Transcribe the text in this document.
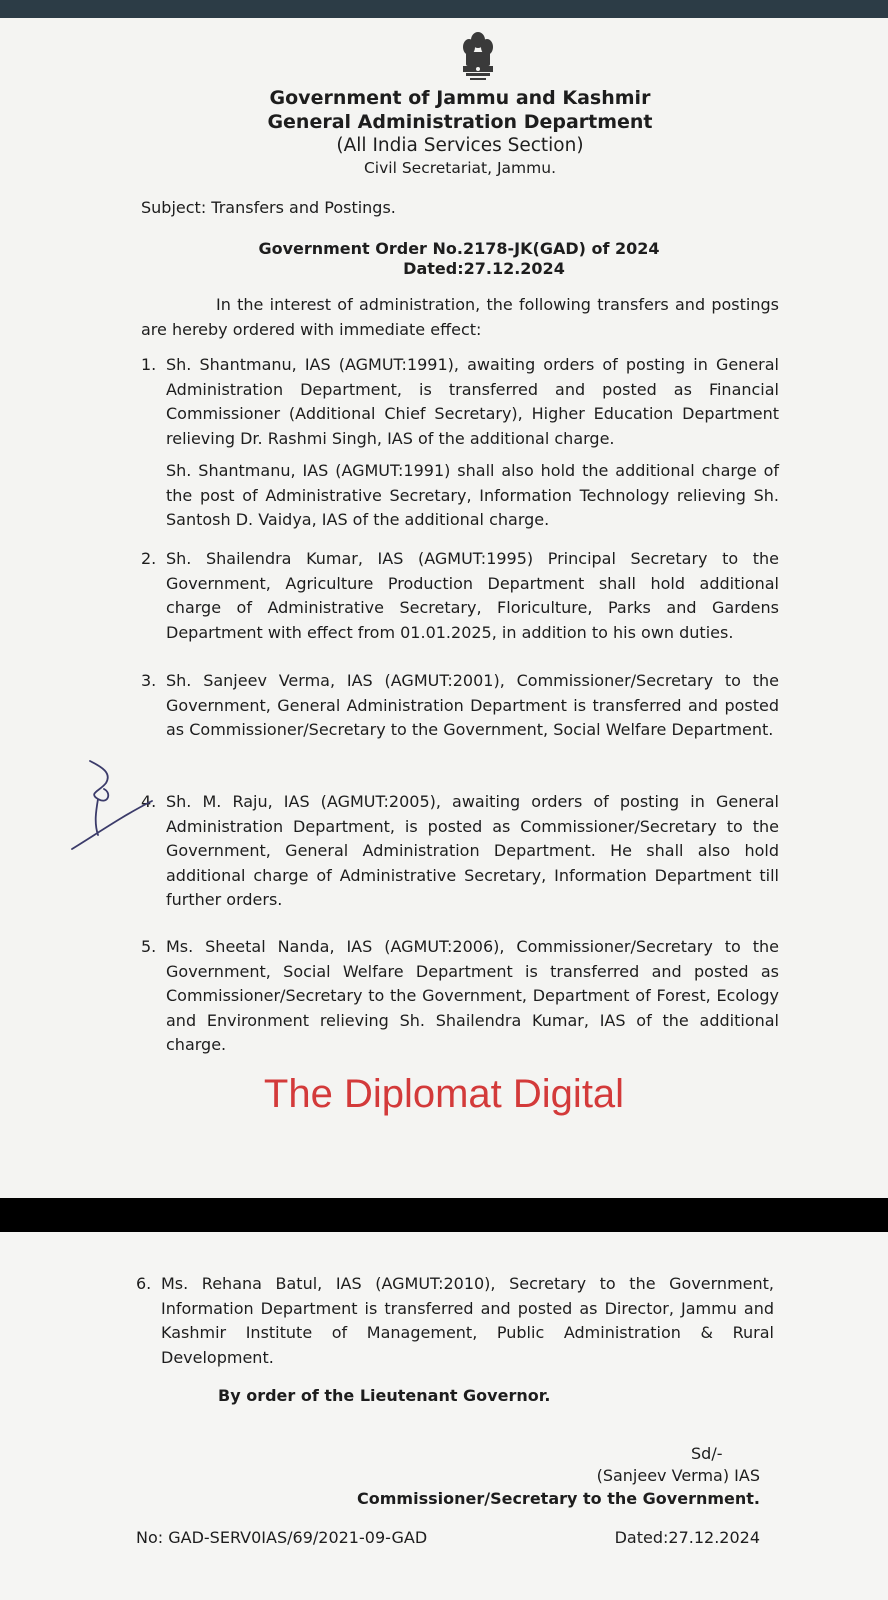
Government of Jammu and Kashmir
General Administration Department
(All India Services Section)
Civil Secretariat, Jammu.
Subject: Transfers and Postings.
Government Order No.2178-JK(GAD) of 2024
Dated:27.12.2024
In the interest of administration, the following transfers and postings are hereby ordered with immediate effect:
1. Sh. Shantmanu, IAS (AGMUT:1991), awaiting orders of posting in General Administration Department, is transferred and posted as Financial Commissioner (Additional Chief Secretary), Higher Education Department relieving Dr. Rashmi Singh, IAS of the additional charge.
Sh. Shantmanu, IAS (AGMUT:1991) shall also hold the additional charge of the post of Administrative Secretary, Information Technology relieving Sh. Santosh D. Vaidya, IAS of the additional charge.
2. Sh. Shailendra Kumar, IAS (AGMUT:1995) Principal Secretary to the Government, Agriculture Production Department shall hold additional charge of Administrative Secretary, Floriculture, Parks and Gardens Department with effect from 01.01.2025, in addition to his own duties.
3. Sh. Sanjeev Verma, IAS (AGMUT:2001), Commissioner/Secretary to the Government, General Administration Department is transferred and posted as Commissioner/Secretary to the Government, Social Welfare Department.
4. Sh. M. Raju, IAS (AGMUT:2005), awaiting orders of posting in General Administration Department, is posted as Commissioner/Secretary to the Government, General Administration Department. He shall also hold additional charge of Administrative Secretary, Information Department till further orders.
5. Ms. Sheetal Nanda, IAS (AGMUT:2006), Commissioner/Secretary to the Government, Social Welfare Department is transferred and posted as Commissioner/Secretary to the Government, Department of Forest, Ecology and Environment relieving Sh. Shailendra Kumar, IAS of the additional charge.
The Diplomat Digital
6. Ms. Rehana Batul, IAS (AGMUT:2010), Secretary to the Government, Information Department is transferred and posted as Director, Jammu and Kashmir Institute of Management, Public Administration & Rural Development.
By order of the Lieutenant Governor.
Sd/-
(Sanjeev Verma) IAS
Commissioner/Secretary to the Government.
No: GAD-SERV0IAS/69/2021-09-GAD	Dated:27.12.2024
